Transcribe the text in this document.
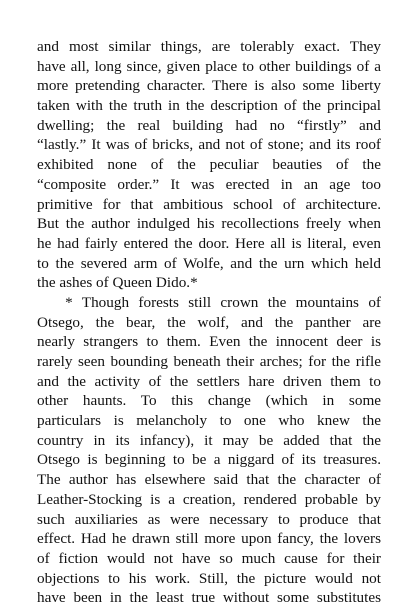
and most similar things, are tolerably exact. They
have all, long since, given place to other buildings of a
more pretending character. There is also some liberty
taken with the truth in the description of the principal
dwelling; the real building had no “firstly” and
“lastly.” It was of bricks, and not of stone; and its roof
exhibited none of the peculiar beauties of the
“composite order.” It was erected in an age too
primitive for that ambitious school of architecture.
But the author indulged his recollections freely when
he had fairly entered the door. Here all is literal, even
to the severed arm of Wolfe, and the urn which held
the ashes of Queen Dido.*
* Though forests still crown the mountains of
Otsego, the bear, the wolf, and the panther are
nearly strangers to them. Even the innocent deer is
rarely seen bounding beneath their arches; for the rifle
and the activity of the settlers hare driven them to
other haunts. To this change (which in some
particulars is melancholy to one who knew the
country in its infancy), it may be added that the
Otsego is beginning to be a niggard of its treasures.
The author has elsewhere said that the character of
Leather-Stocking is a creation, rendered probable by
such auxiliaries as were necessary to produce that
effect. Had he drawn still more upon fancy, the lovers
of fiction would not have so much cause for their
objections to his work. Still, the picture would not
have been in the least true without some substitutes
